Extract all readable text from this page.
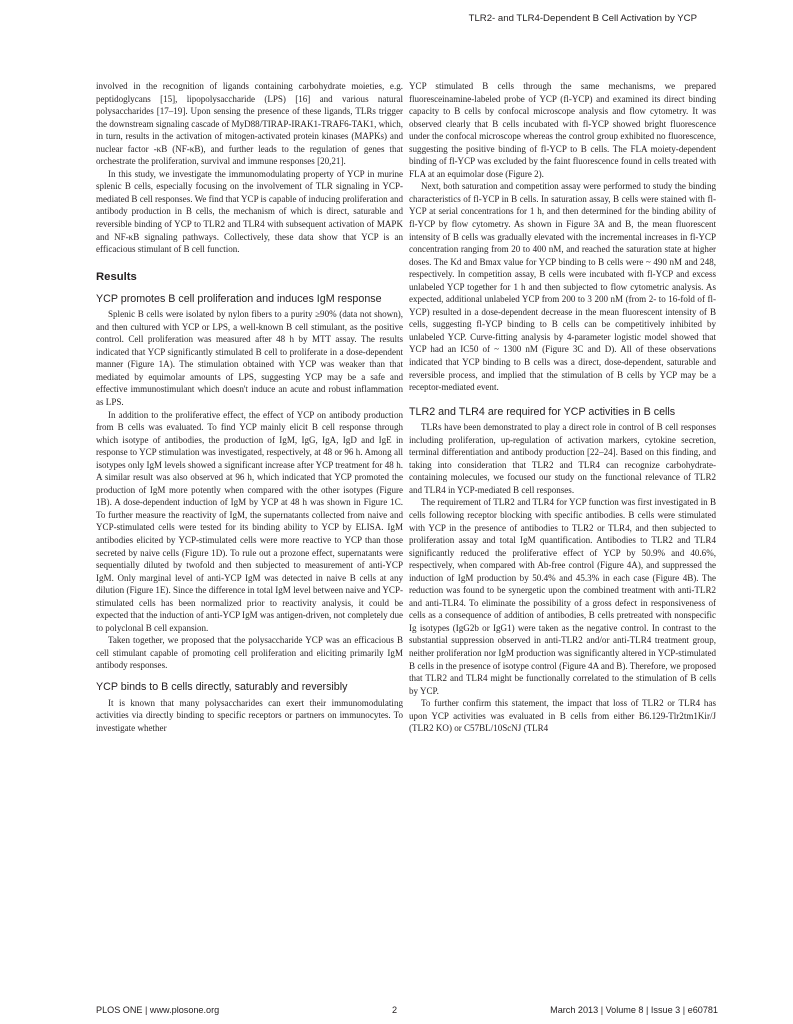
TLR2- and TLR4-Dependent B Cell Activation by YCP

involved in the recognition of ligands containing carbohydrate moieties, e.g. peptidoglycans [15], lipopolysaccharide (LPS) [16] and various natural polysaccharides [17–19]. Upon sensing the presence of these ligands, TLRs trigger the downstream signaling cascade of MyD88/TIRAP-IRAK1-TRAF6-TAK1, which, in turn, results in the activation of mitogen-activated protein kinases (MAPKs) and nuclear factor -κB (NF-κB), and further leads to the regulation of genes that orchestrate the proliferation, survival and immune responses [20,21].

In this study, we investigate the immunomodulating property of YCP in murine splenic B cells, especially focusing on the involvement of TLR signaling in YCP-mediated B cell responses. We find that YCP is capable of inducing proliferation and antibody production in B cells, the mechanism of which is direct, saturable and reversible binding of YCP to TLR2 and TLR4 with subsequent activation of MAPK and NF-κB signaling pathways. Collectively, these data show that YCP is an efficacious stimulant of B cell function.

Results
YCP promotes B cell proliferation and induces IgM response

Splenic B cells were isolated by nylon fibers to a purity ≥90% (data not shown), and then cultured with YCP or LPS, a well-known B cell stimulant, as the positive control. Cell proliferation was measured after 48 h by MTT assay. The results indicated that YCP significantly stimulated B cell to proliferate in a dose-dependent manner (Figure 1A). The stimulation obtained with YCP was weaker than that mediated by equimolar amounts of LPS, suggesting YCP may be a safe and effective immunostimulant which doesn't induce an acute and robust inflammation as LPS.

In addition to the proliferative effect, the effect of YCP on antibody production from B cells was evaluated. To find YCP mainly elicit B cell response through which isotype of antibodies, the production of IgM, IgG, IgA, IgD and IgE in response to YCP stimulation was investigated, respectively, at 48 or 96 h. Among all isotypes only IgM levels showed a significant increase after YCP treatment for 48 h. A similar result was also observed at 96 h, which indicated that YCP promoted the production of IgM more potently when compared with the other isotypes (Figure 1B). A dose-dependent induction of IgM by YCP at 48 h was shown in Figure 1C. To further measure the reactivity of IgM, the supernatants collected from naive and YCP-stimulated cells were tested for its binding ability to YCP by ELISA. IgM antibodies elicited by YCP-stimulated cells were more reactive to YCP than those secreted by naive cells (Figure 1D). To rule out a prozone effect, supernatants were sequentially diluted by twofold and then subjected to measurement of anti-YCP IgM. Only marginal level of anti-YCP IgM was detected in naive B cells at any dilution (Figure 1E). Since the difference in total IgM level between naive and YCP-stimulated cells has been normalized prior to reactivity analysis, it could be expected that the induction of anti-YCP IgM was antigen-driven, not completely due to polyclonal B cell expansion.

Taken together, we proposed that the polysaccharide YCP was an efficacious B cell stimulant capable of promoting cell proliferation and eliciting primarily IgM antibody responses.

YCP binds to B cells directly, saturably and reversibly

It is known that many polysaccharides can exert their immunomodulating activities via directly binding to specific receptors or partners on immunocytes. To investigate whether

YCP stimulated B cells through the same mechanisms, we prepared fluoresceinamine-labeled probe of YCP (fl-YCP) and examined its direct binding capacity to B cells by confocal microscope analysis and flow cytometry. It was observed clearly that B cells incubated with fl-YCP showed bright fluorescence under the confocal microscope whereas the control group exhibited no fluorescence, suggesting the positive binding of fl-YCP to B cells. The FLA moiety-dependent binding of fl-YCP was excluded by the faint fluorescence found in cells treated with FLA at an equimolar dose (Figure 2).

Next, both saturation and competition assay were performed to study the binding characteristics of fl-YCP in B cells. In saturation assay, B cells were stained with fl-YCP at serial concentrations for 1 h, and then determined for the binding ability of fl-YCP by flow cytometry. As shown in Figure 3A and B, the mean fluorescent intensity of B cells was gradually elevated with the incremental increases in fl-YCP concentration ranging from 20 to 400 nM, and reached the saturation state at higher doses. The Kd and Bmax value for YCP binding to B cells were ~ 490 nM and 248, respectively. In competition assay, B cells were incubated with fl-YCP and excess unlabeled YCP together for 1 h and then subjected to flow cytometric analysis. As expected, additional unlabeled YCP from 200 to 3 200 nM (from 2- to 16-fold of fl-YCP) resulted in a dose-dependent decrease in the mean fluorescent intensity of B cells, suggesting fl-YCP binding to B cells can be competitively inhibited by unlabeled YCP. Curve-fitting analysis by 4-parameter logistic model showed that YCP had an IC50 of ~ 1300 nM (Figure 3C and D). All of these observations indicated that YCP binding to B cells was a direct, dose-dependent, saturable and reversible process, and implied that the stimulation of B cells by YCP may be a receptor-mediated event.

TLR2 and TLR4 are required for YCP activities in B cells

TLRs have been demonstrated to play a direct role in control of B cell responses including proliferation, up-regulation of activation markers, cytokine secretion, terminal differentiation and antibody production [22–24]. Based on this finding, and taking into consideration that TLR2 and TLR4 can recognize carbohydrate-containing molecules, we focused our study on the functional relevance of TLR2 and TLR4 in YCP-mediated B cell responses.

The requirement of TLR2 and TLR4 for YCP function was first investigated in B cells following receptor blocking with specific antibodies. B cells were stimulated with YCP in the presence of antibodies to TLR2 or TLR4, and then subjected to proliferation assay and total IgM quantification. Antibodies to TLR2 and TLR4 significantly reduced the proliferative effect of YCP by 50.9% and 40.6%, respectively, when compared with Ab-free control (Figure 4A), and suppressed the induction of IgM production by 50.4% and 45.3% in each case (Figure 4B). The reduction was found to be synergetic upon the combined treatment with anti-TLR2 and anti-TLR4. To eliminate the possibility of a gross defect in responsiveness of cells as a consequence of addition of antibodies, B cells pretreated with nonspecific Ig isotypes (IgG2b or IgG1) were taken as the negative control. In contrast to the substantial suppression observed in anti-TLR2 and/or anti-TLR4 treatment group, neither proliferation nor IgM production was significantly altered in YCP-stimulated B cells in the presence of isotype control (Figure 4A and B). Therefore, we proposed that TLR2 and TLR4 might be functionally correlated to the stimulation of B cells by YCP.

To further confirm this statement, the impact that loss of TLR2 or TLR4 has upon YCP activities was evaluated in B cells from either B6.129-Tlr2tm1Kir/J (TLR2 KO) or C57BL/10ScNJ (TLR4

PLOS ONE | www.plosone.org	2	March 2013 | Volume 8 | Issue 3 | e60781
